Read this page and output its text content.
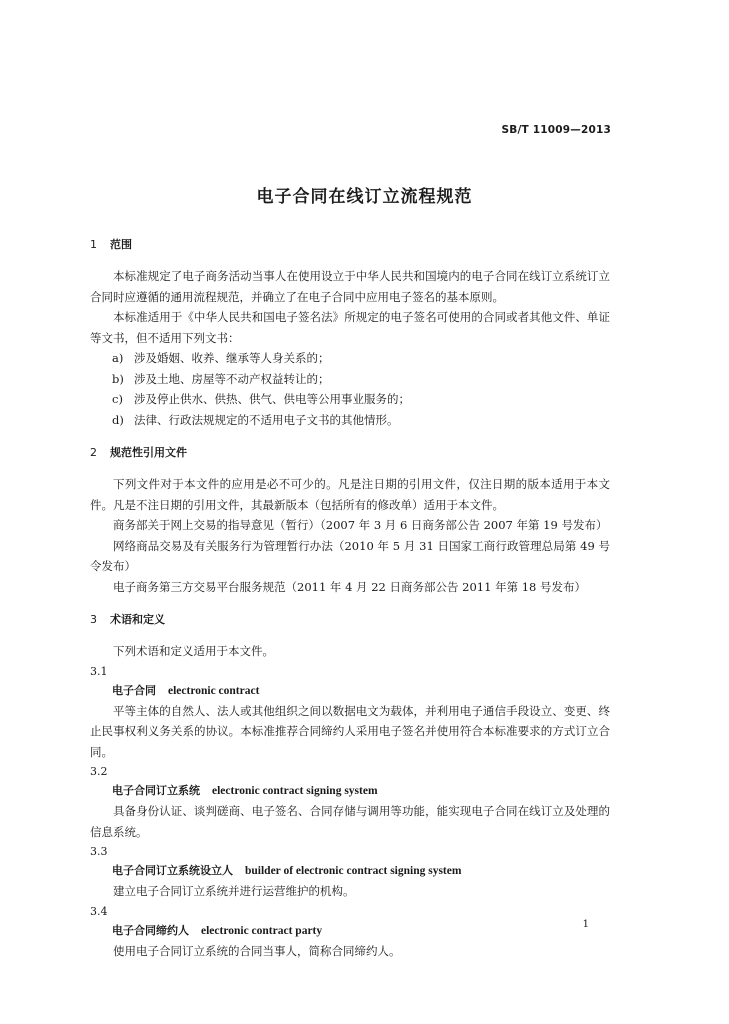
SB/T 11009—2013
电子合同在线订立流程规范
1 范围

本标准规定了电子商务活动当事人在使用设立于中华人民共和国境内的电子合同在线订立系统订立合同时应遵循的通用流程规范，并确立了在电子合同中应用电子签名的基本原则。

本标准适用于《中华人民共和国电子签名法》所规定的电子签名可使用的合同或者其他文件、单证等文书，但不适用下列文书：

a) 涉及婚姻、收养、继承等人身关系的；
b) 涉及土地、房屋等不动产权益转让的；
c) 涉及停止供水、供热、供气、供电等公用事业服务的；
d) 法律、行政法规规定的不适用电子文书的其他情形。
2 规范性引用文件

下列文件对于本文件的应用是必不可少的。凡是注日期的引用文件，仅注日期的版本适用于本文件。凡是不注日期的引用文件，其最新版本（包括所有的修改单）适用于本文件。

商务部关于网上交易的指导意见（暂行）（2007 年 3 月 6 日商务部公告 2007 年第 19 号发布）

网络商品交易及有关服务行为管理暂行办法（2010 年 5 月 31 日国家工商行政管理总局第 49 号令发布）

电子商务第三方交易平台服务规范（2011 年 4 月 22 日商务部公告 2011 年第 18 号发布）

3 术语和定义

下列术语和定义适用于本文件。

3.1
电子合同 electronic contract

平等主体的自然人、法人或其他组织之间以数据电文为载体，并利用电子通信手段设立、变更、终止民事权利义务关系的协议。本标准推荐合同缔约人采用电子签名并使用符合本标准要求的方式订立合同。

3.2
电子合同订立系统 electronic contract signing system

具备身份认证、谈判磋商、电子签名、合同存储与调用等功能，能实现电子合同在线订立及处理的信息系统。

3.3
电子合同订立系统设立人 builder of electronic contract signing system

建立电子合同订立系统并进行运营维护的机构。

3.4
电子合同缔约人 electronic contract party

使用电子合同订立系统的合同当事人，简称合同缔约人。

1
